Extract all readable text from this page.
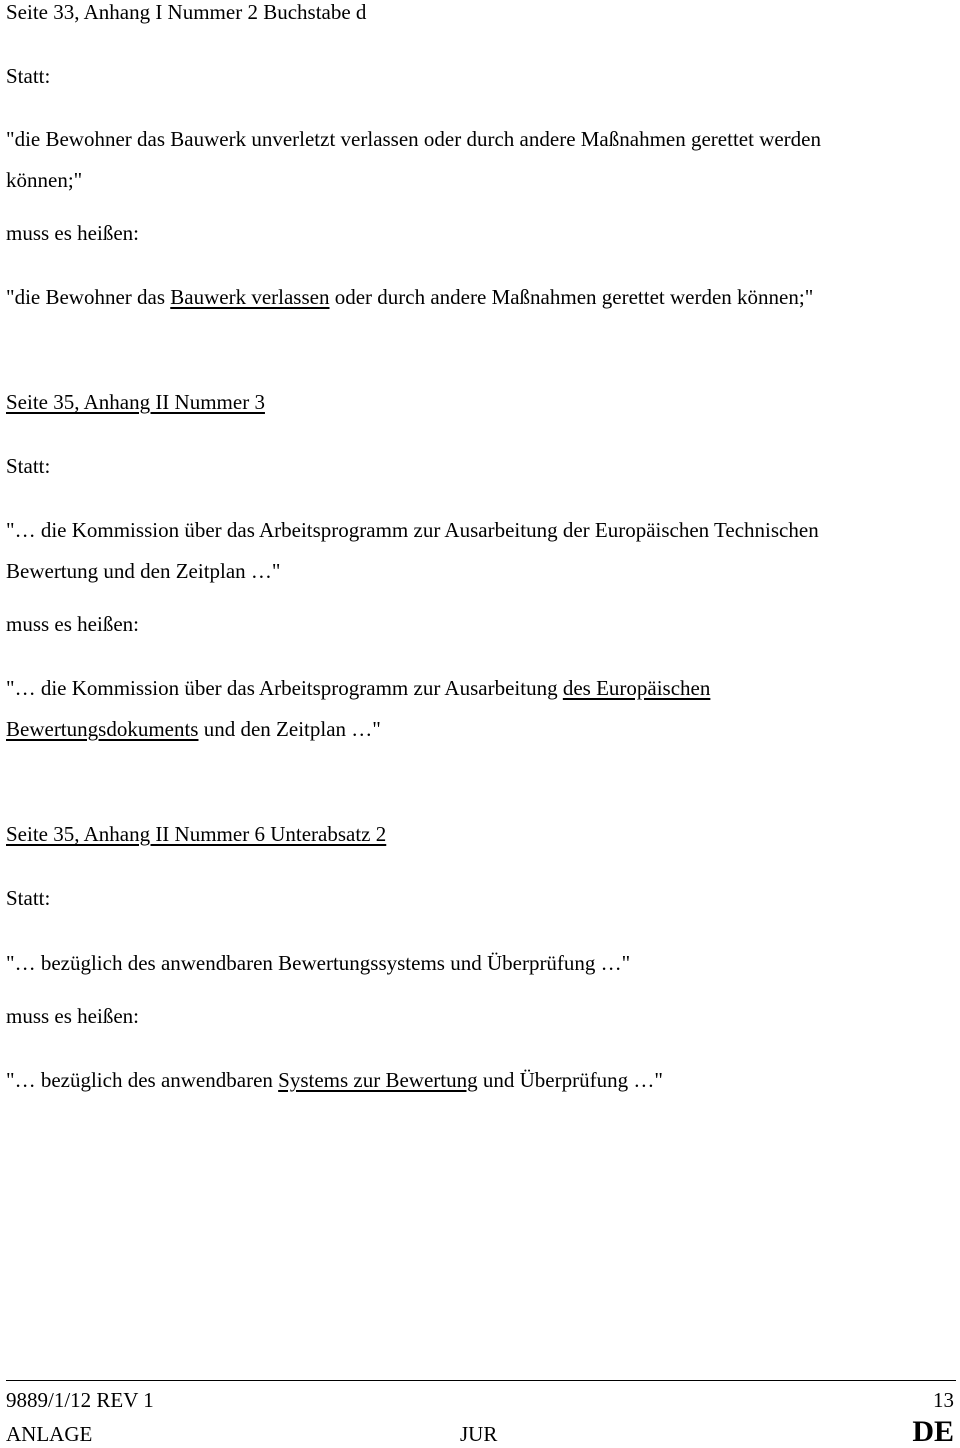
Seite 33, Anhang I Nummer 2 Buchstabe d

Statt:

"die Bewohner das Bauwerk unverletzt verlassen oder durch andere Maßnahmen gerettet werden

können;"

muss es heißen:

"die Bewohner das Bauwerk verlassen oder durch andere Maßnahmen gerettet werden können;"

Seite 35, Anhang II Nummer 3

Statt:

"… die Kommission über das Arbeitsprogramm zur Ausarbeitung der Europäischen Technischen

Bewertung und den Zeitplan …"

muss es heißen:

"… die Kommission über das Arbeitsprogramm zur Ausarbeitung des Europäischen

Bewertungsdokuments und den Zeitplan …"

Seite 35, Anhang II Nummer 6 Unterabsatz 2

Statt:

"… bezüglich des anwendbaren Bewertungssystems und Überprüfung …"

muss es heißen:

"… bezüglich des anwendbaren Systems zur Bewertung und Überprüfung …"

9889/1/12 REV 1	13
ANLAGE	JUR	DE
